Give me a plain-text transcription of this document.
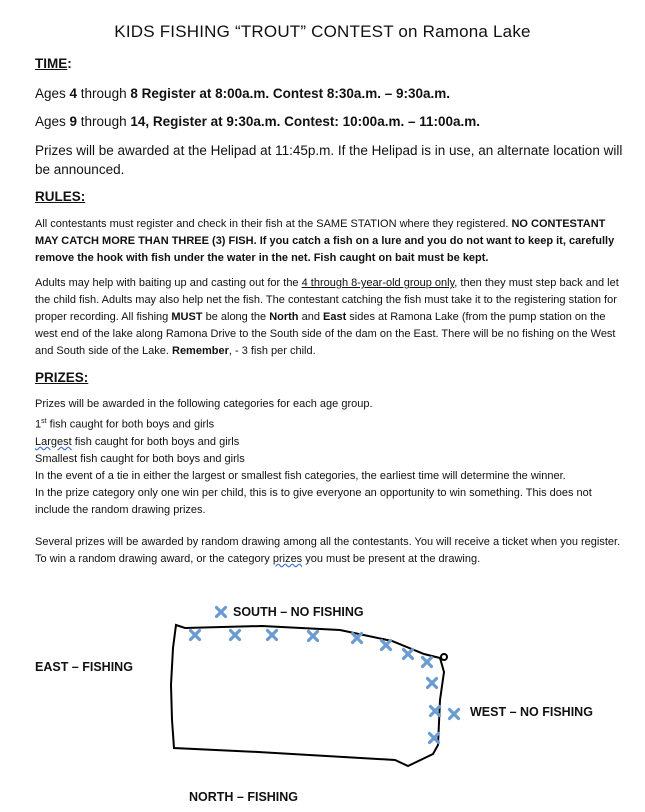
KIDS FISHING “TROUT” CONTEST on Ramona Lake
TIME:
Ages 4 through 8 Register at 8:00a.m. Contest 8:30a.m. – 9:30a.m.
Ages 9 through 14, Register at 9:30a.m. Contest: 10:00a.m. – 11:00a.m.
Prizes will be awarded at the Helipad at 11:45p.m. If the Helipad is in use, an alternate location will be announced.
RULES:
All contestants must register and check in their fish at the SAME STATION where they registered. NO CONTESTANT MAY CATCH MORE THAN THREE (3) FISH. If you catch a fish on a lure and you do not want to keep it, carefully remove the hook with fish under the water in the net. Fish caught on bait must be kept.
Adults may help with baiting up and casting out for the 4 through 8-year-old group only, then they must step back and let the child fish. Adults may also help net the fish. The contestant catching the fish must take it to the registering station for proper recording. All fishing MUST be along the North and East sides at Ramona Lake (from the pump station on the west end of the lake along Ramona Drive to the South side of the dam on the East. There will be no fishing on the West and South side of the Lake. Remember, - 3 fish per child.
PRIZES:
Prizes will be awarded in the following categories for each age group.
1st fish caught for both boys and girls
Largest fish caught for both boys and girls
Smallest fish caught for both boys and girls
In the event of a tie in either the largest or smallest fish categories, the earliest time will determine the winner.
In the prize category only one win per child, this is to give everyone an opportunity to win something. This does not include the random drawing prizes.
Several prizes will be awarded by random drawing among all the contestants. You will receive a ticket when you register. To win a random drawing award, or the category prizes you must be present at the drawing.
SOUTH – NO FISHING
EAST – FISHING
WEST – NO FISHING
NORTH – FISHING
